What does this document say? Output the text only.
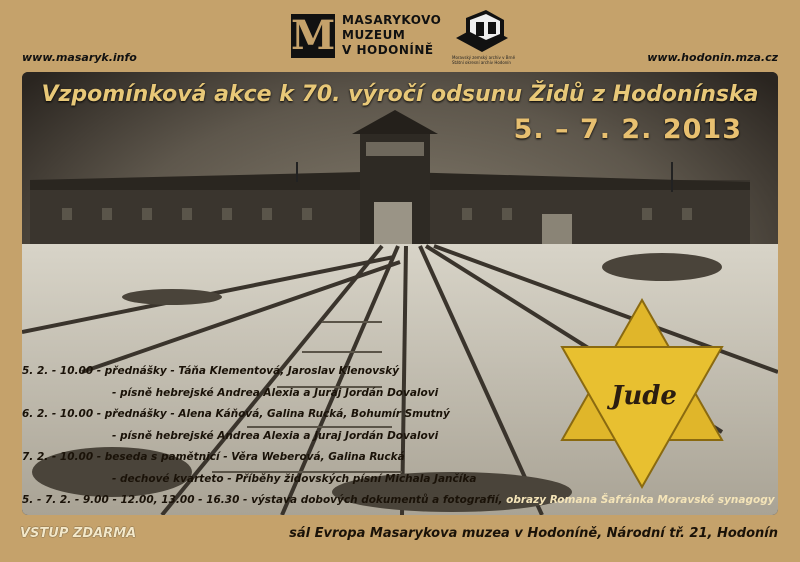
M MASARYKOVO
MUZEUM
V HODONÍNĚ
Moravský zemský archiv v Brně
Státní okresní archiv Hodonín
www.masaryk.info	www.hodonin.mza.cz
Jude
Vzpomínková akce k 70. výročí odsunu Židů z Hodonínska
5. – 7. 2. 2013
5. 2. - 10.00 - přednášky - Táňa Klementová, Jaroslav Klenovský
- písně hebrejské Andrea Alexia a Juraj Jordán Dovalovi
6. 2. - 10.00 - přednášky - Alena Káňová, Galina Rucká, Bohumír Smutný
- písně hebrejské Andrea Alexia a Juraj Jordán Dovalovi
7. 2. - 10.00 - beseda s pamětnicí - Věra Weberová, Galina Rucká
- dechové kvarteto - Příběhy židovských písní Michala Jančíka
5. - 7. 2. - 9.00 - 12.00, 13.00 - 16.30 - výstava dobových dokumentů a fotografií, obrazy Romana Šafránka Moravské synagogy
VSTUP ZDARMA	sál Evropa Masarykova muzea v Hodoníně, Národní tř. 21, Hodonín
